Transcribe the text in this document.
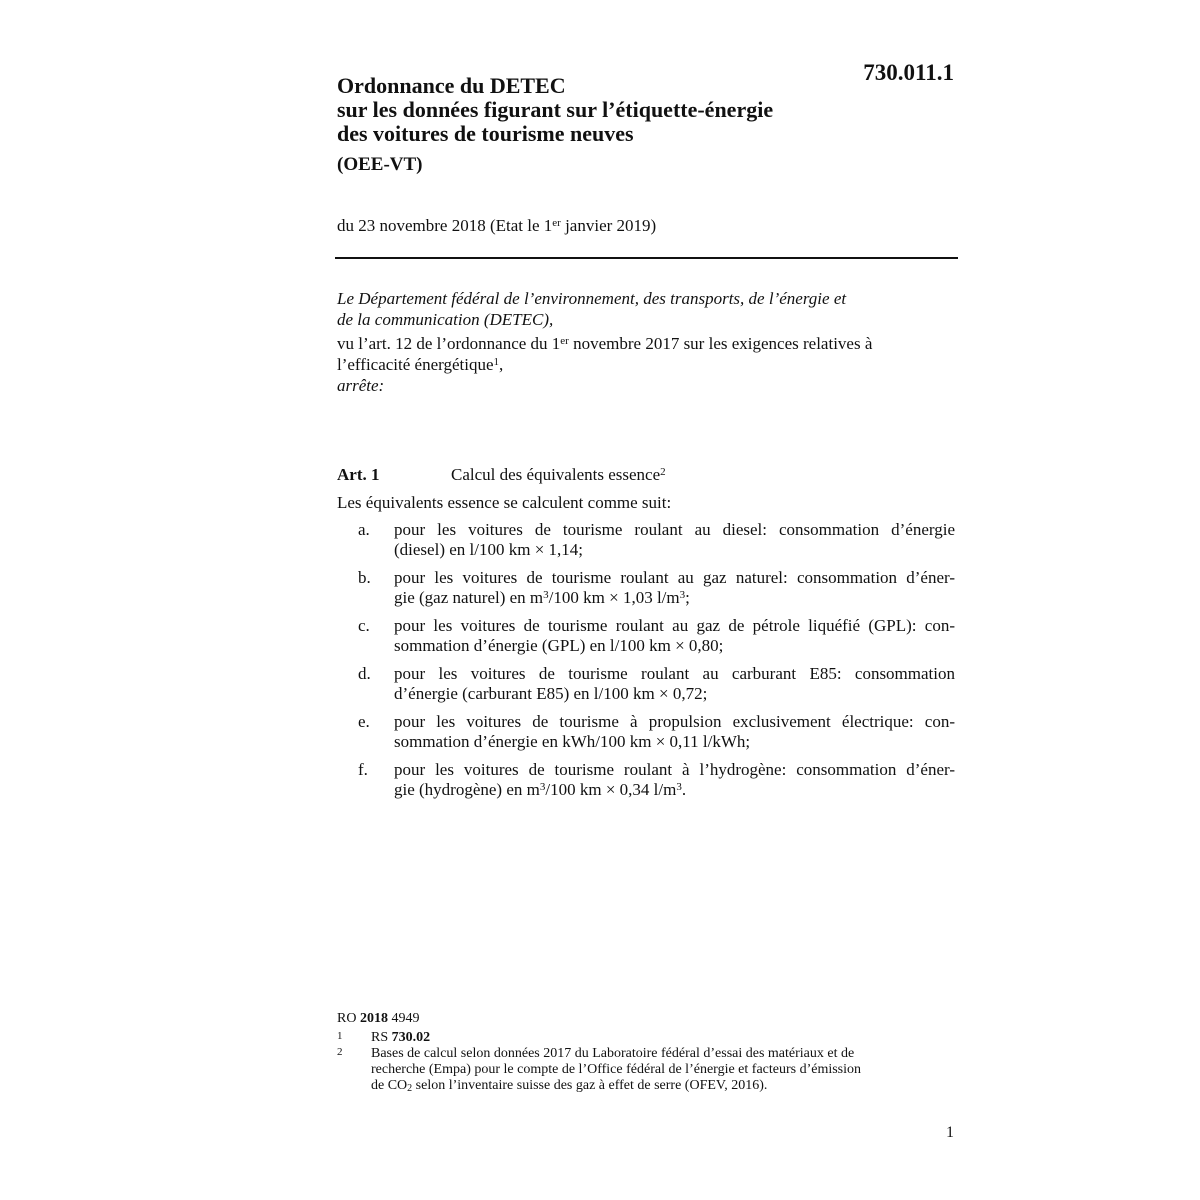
730.011.1
Ordonnance du DETEC
sur les données figurant sur l’étiquette-énergie
des voitures de tourisme neuves
(OEE-VT)
du 23 novembre 2018 (Etat le 1er janvier 2019)
Le Département fédéral de l’environnement, des transports, de l’énergie et
de la communication (DETEC),
vu l’art. 12 de l’ordonnance du 1er novembre 2017 sur les exigences relatives à
l’efficacité énergétique$^1$,
arrête:
Art. 1	Calcul des équivalents essence$^2$
Les équivalents essence se calculent comme suit:
a. pour les voitures de tourisme roulant au diesel: consommation d’énergie
(diesel) en l/100 km × 1,14;
b. pour les voitures de tourisme roulant au gaz naturel: consommation d’éner-
gie (gaz naturel) en $m^3/100$ km × 1,03 $l/m^3$;
c. pour les voitures de tourisme roulant au gaz de pétrole liquéfié (GPL): con-
sommation d’énergie (GPL) en l/100 km × 0,80;
d. pour les voitures de tourisme roulant au carburant E85: consommation
d’énergie (carburant E85) en l/100 km × 0,72;
e. pour les voitures de tourisme à propulsion exclusivement électrique: con-
sommation d’énergie en kWh/100 km × 0,11 l/kWh;
f. pour les voitures de tourisme roulant à l’hydrogène: consommation d’éner-
gie (hydrogène) en $m^3/100$ km × 0,34 $l/m^3$.
RO 2018 4949
1 RS 730.02
2 Bases de calcul selon données 2017 du Laboratoire fédéral d’essai des matériaux et de
recherche (Empa) pour le compte de l’Office fédéral de l’énergie et facteurs d’émission
de $CO_2$ selon l’inventaire suisse des gaz à effet de serre (OFEV, 2016).
1
